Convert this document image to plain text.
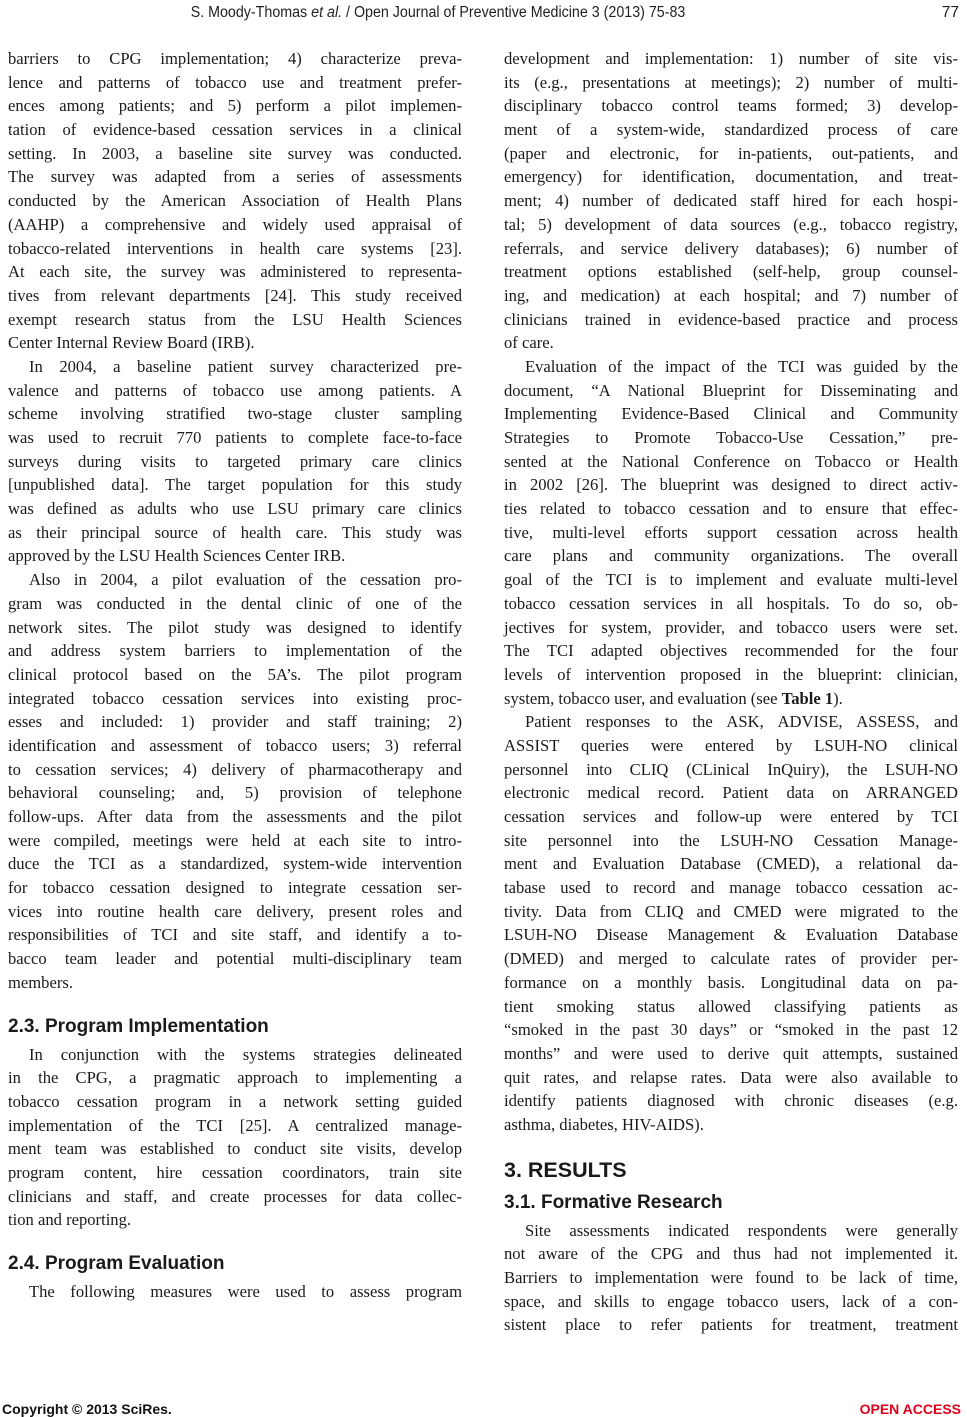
S. Moody-Thomas et al. / Open Journal of Preventive Medicine 3 (2013) 75-83	77
barriers to CPG implementation; 4) characterize preva-
lence and patterns of tobacco use and treatment prefer-
ences among patients; and 5) perform a pilot implemen-
tation of evidence-based cessation services in a clinical
setting. In 2003, a baseline site survey was conducted.
The survey was adapted from a series of assessments
conducted by the American Association of Health Plans
(AAHP) a comprehensive and widely used appraisal of
tobacco-related interventions in health care systems [23].
At each site, the survey was administered to representa-
tives from relevant departments [24]. This study received
exempt research status from the LSU Health Sciences
Center Internal Review Board (IRB).
In 2004, a baseline patient survey characterized pre-
valence and patterns of tobacco use among patients. A
scheme involving stratified two-stage cluster sampling
was used to recruit 770 patients to complete face-to-face
surveys during visits to targeted primary care clinics
[unpublished data]. The target population for this study
was defined as adults who use LSU primary care clinics
as their principal source of health care. This study was
approved by the LSU Health Sciences Center IRB.
Also in 2004, a pilot evaluation of the cessation pro-
gram was conducted in the dental clinic of one of the
network sites. The pilot study was designed to identify
and address system barriers to implementation of the
clinical protocol based on the 5A’s. The pilot program
integrated tobacco cessation services into existing proc-
esses and included: 1) provider and staff training; 2)
identification and assessment of tobacco users; 3) referral
to cessation services; 4) delivery of pharmacotherapy and
behavioral counseling; and, 5) provision of telephone
follow-ups. After data from the assessments and the pilot
were compiled, meetings were held at each site to intro-
duce the TCI as a standardized, system-wide intervention
for tobacco cessation designed to integrate cessation ser-
vices into routine health care delivery, present roles and
responsibilities of TCI and site staff, and identify a to-
bacco team leader and potential multi-disciplinary team
members.
2.3. Program Implementation
In conjunction with the systems strategies delineated
in the CPG, a pragmatic approach to implementing a
tobacco cessation program in a network setting guided
implementation of the TCI [25]. A centralized manage-
ment team was established to conduct site visits, develop
program content, hire cessation coordinators, train site
clinicians and staff, and create processes for data collec-
tion and reporting.
2.4. Program Evaluation
The following measures were used to assess program
development and implementation: 1) number of site vis-
its (e.g., presentations at meetings); 2) number of multi-
disciplinary tobacco control teams formed; 3) develop-
ment of a system-wide, standardized process of care
(paper and electronic, for in-patients, out-patients, and
emergency) for identification, documentation, and treat-
ment; 4) number of dedicated staff hired for each hospi-
tal; 5) development of data sources (e.g., tobacco registry,
referrals, and service delivery databases); 6) number of
treatment options established (self-help, group counsel-
ing, and medication) at each hospital; and 7) number of
clinicians trained in evidence-based practice and process
of care.
Evaluation of the impact of the TCI was guided by the
document, “A National Blueprint for Disseminating and
Implementing Evidence-Based Clinical and Community
Strategies to Promote Tobacco-Use Cessation,” pre-
sented at the National Conference on Tobacco or Health
in 2002 [26]. The blueprint was designed to direct activ-
ties related to tobacco cessation and to ensure that effec-
tive, multi-level efforts support cessation across health
care plans and community organizations. The overall
goal of the TCI is to implement and evaluate multi-level
tobacco cessation services in all hospitals. To do so, ob-
jectives for system, provider, and tobacco users were set.
The TCI adapted objectives recommended for the four
levels of intervention proposed in the blueprint: clinician,
system, tobacco user, and evaluation (see Table 1).
Patient responses to the ASK, ADVISE, ASSESS, and
ASSIST queries were entered by LSUH-NO clinical
personnel into CLIQ (CLinical InQuiry), the LSUH-NO
electronic medical record. Patient data on ARRANGED
cessation services and follow-up were entered by TCI
site personnel into the LSUH-NO Cessation Manage-
ment and Evaluation Database (CMED), a relational da-
tabase used to record and manage tobacco cessation ac-
tivity. Data from CLIQ and CMED were migrated to the
LSUH-NO Disease Management & Evaluation Database
(DMED) and merged to calculate rates of provider per-
formance on a monthly basis. Longitudinal data on pa-
tient smoking status allowed classifying patients as
“smoked in the past 30 days” or “smoked in the past 12
months” and were used to derive quit attempts, sustained
quit rates, and relapse rates. Data were also available to
identify patients diagnosed with chronic diseases (e.g.
asthma, diabetes, HIV-AIDS).
3. RESULTS
3.1. Formative Research
Site assessments indicated respondents were generally
not aware of the CPG and thus had not implemented it.
Barriers to implementation were found to be lack of time,
space, and skills to engage tobacco users, lack of a con-
sistent place to refer patients for treatment, treatment
Copyright © 2013 SciRes.	OPEN ACCESS
